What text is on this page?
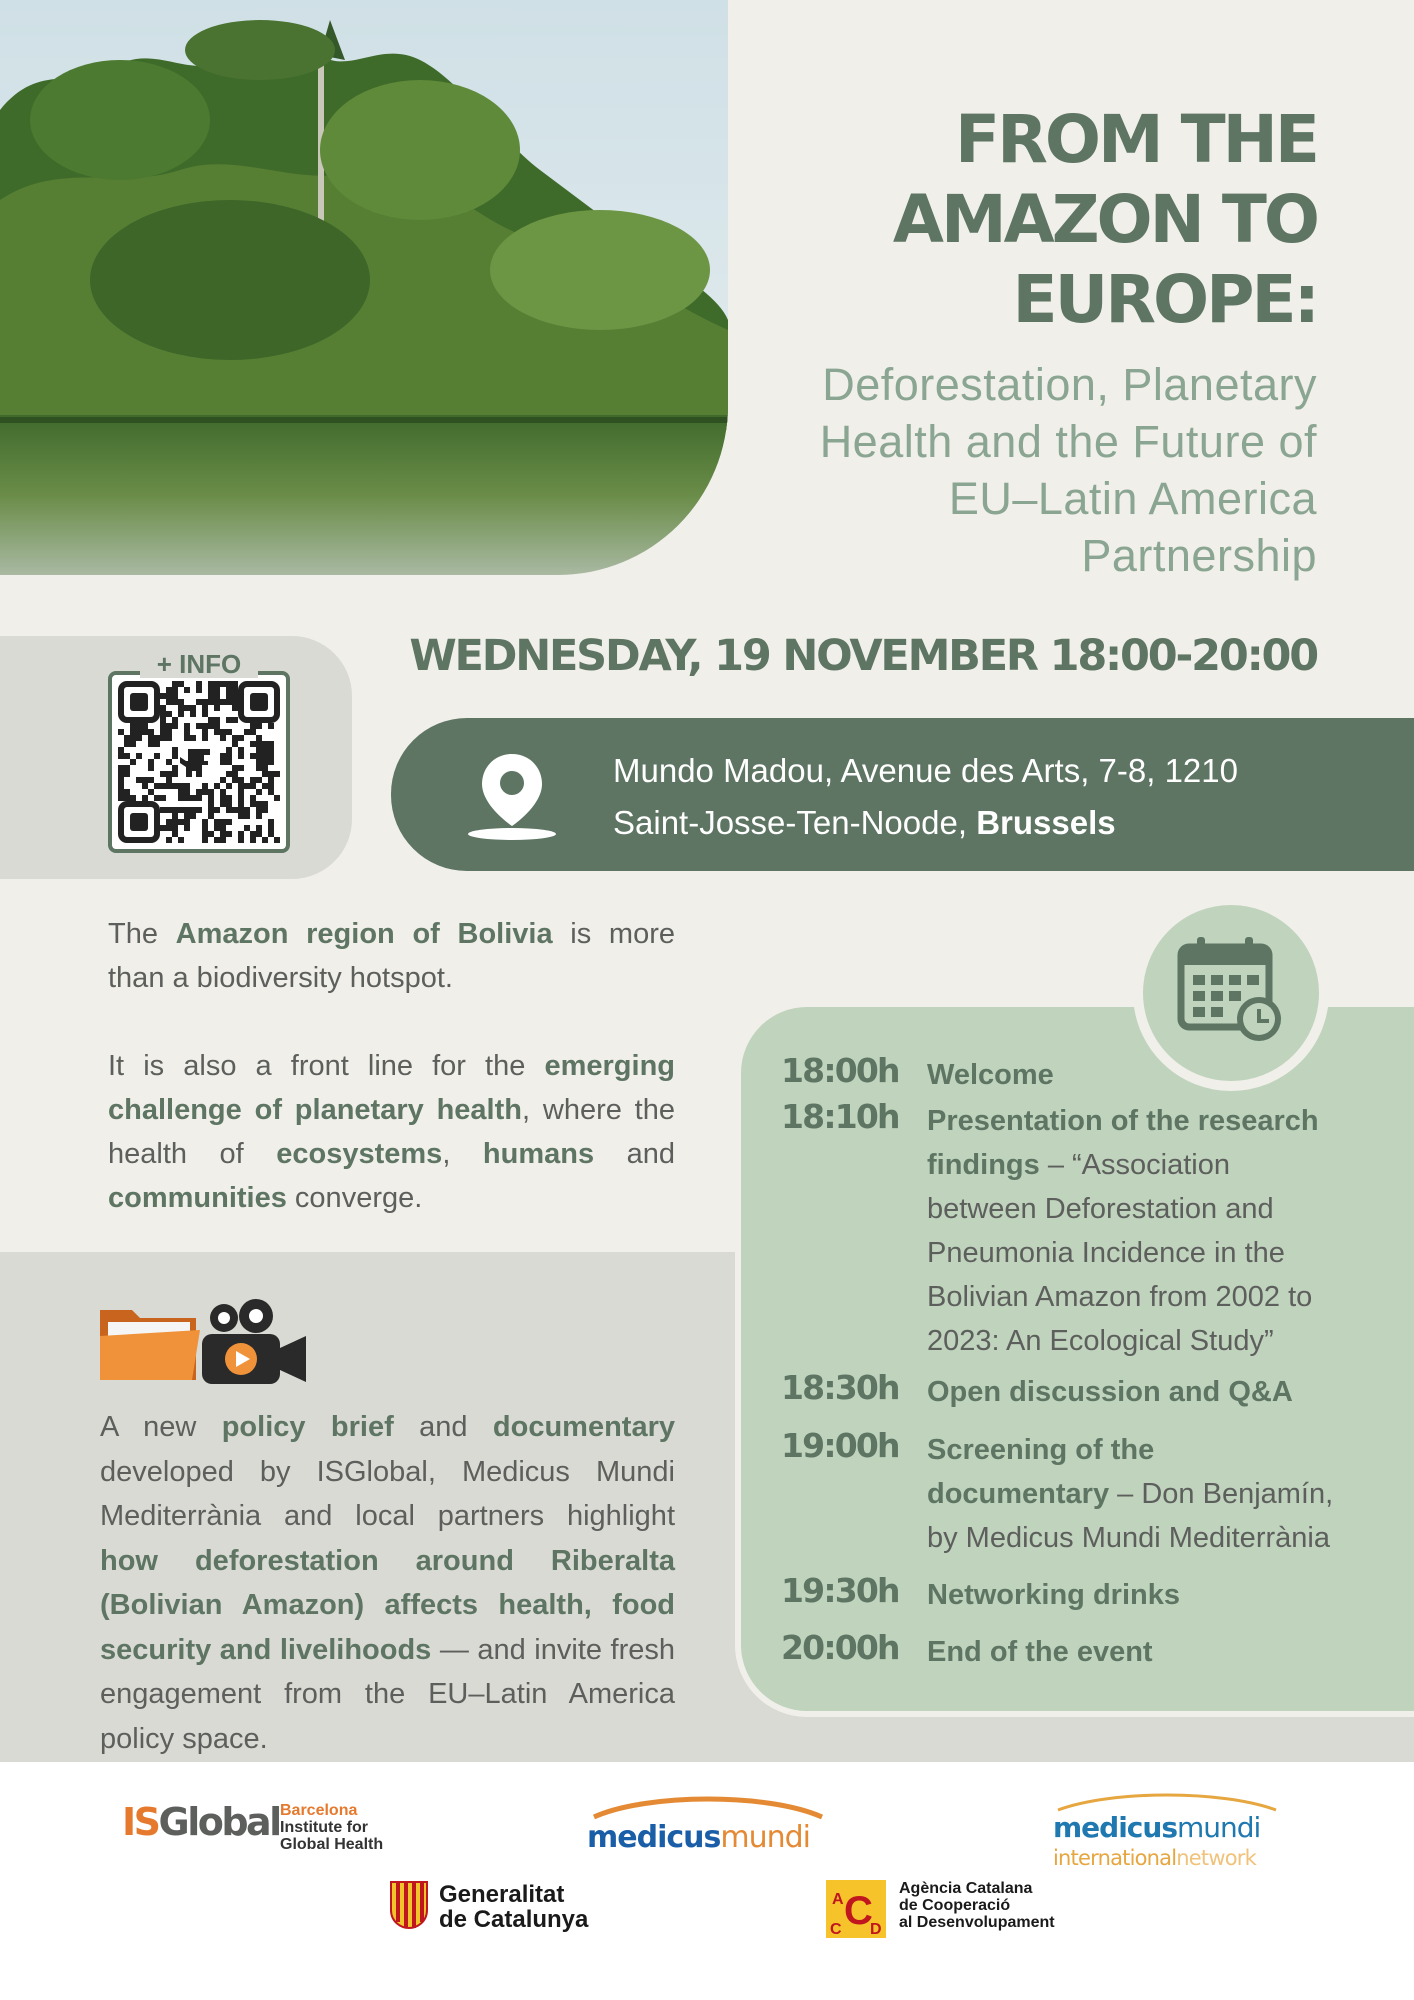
FROM THE
AMAZON TO
EUROPE:
Deforestation, Planetary
Health and the Future of
EU–Latin America
Partnership
+ INFO	WEDNESDAY, 19 NOVEMBER 18:00-20:00
Mundo Madou, Avenue des Arts, 7-8, 1210
Saint-Josse-Ten-Noode, Brussels

The Amazon region of Bolivia is more than a biodiversity hotspot.

It is also a front line for the emerging challenge of planetary health, where the health of ecosystems, humans and communities converge.

A new policy brief and documentary developed by ISGlobal, Medicus Mundi Mediterrània and local partners highlight how deforestation around Riberalta (Bolivian Amazon) affects health, food security and livelihoods — and invite fresh engagement from the EU–Latin America policy space.
18:00h Welcome
18:10h Presentation of the research findings – “Association between Deforestation and Pneumonia Incidence in the Bolivian Amazon from 2002 to 2023: An Ecological Study”
18:30h Open discussion and Q&A
19:00h Screening of the documentary – Don Benjamín, by Medicus Mundi Mediterrània
19:30h Networking drinks
20:00h End of the event
ISGlobal Barcelona
Institute for
Global Health	medicusmundi	medicusmundi
internationalnetwork
Generalitat
de Catalunya
A C
C D
Agència Catalana
de Cooperació
al Desenvolupament
